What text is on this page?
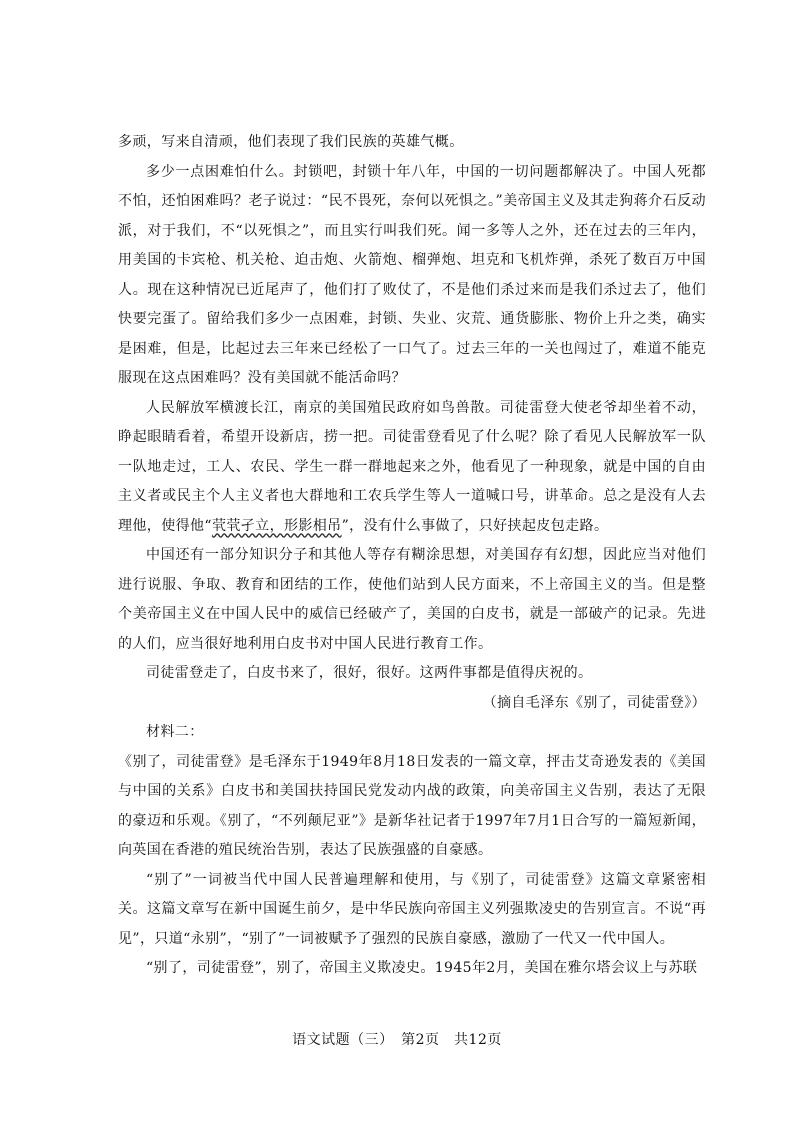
多顽，写来自清顽，他们表现了我们民族的英雄气概。

多少一点困难怕什么。封锁吧，封锁十年八年，中国的一切问题都解决了。中国人死都不怕，还怕困难吗？老子说过：“民不畏死，奈何以死惧之。”美帝国主义及其走狗蒋介石反动派，对于我们，不“以死惧之”，而且实行叫我们死。闻一多等人之外，还在过去的三年内，用美国的卡宾枪、机关枪、迫击炮、火箭炮、榴弹炮、坦克和飞机炸弹，杀死了数百万中国人。现在这种情况已近尾声了，他们打了败仗了，不是他们杀过来而是我们杀过去了，他们快要完蛋了。留给我们多少一点困难，封锁、失业、灾荒、通货膨胀、物价上升之类，确实是困难，但是，比起过去三年来已经松了一口气了。过去三年的一关也闯过了，难道不能克服现在这点困难吗？没有美国就不能活命吗？

人民解放军横渡长江，南京的美国殖民政府如鸟兽散。司徒雷登大使老爷却坐着不动，睁起眼睛看着，希望开设新店，捞一把。司徒雷登看见了什么呢？除了看见人民解放军一队一队地走过，工人、农民、学生一群一群地起来之外，他看见了一种现象，就是中国的自由主义者或民主个人主义者也大群地和工农兵学生等人一道喊口号，讲革命。总之是没有人去理他，使得他“茕茕孑立，形影相吊”，没有什么事做了，只好挟起皮包走路。

中国还有一部分知识分子和其他人等存有糊涂思想，对美国存有幻想，因此应当对他们进行说服、争取、教育和团结的工作，使他们站到人民方面来，不上帝国主义的当。但是整个美帝国主义在中国人民中的威信已经破产了，美国的白皮书，就是一部破产的记录。先进的人们，应当很好地利用白皮书对中国人民进行教育工作。

司徒雷登走了，白皮书来了，很好，很好。这两件事都是值得庆祝的。

（摘自毛泽东《别了，司徒雷登》）

材料二：

《别了，司徒雷登》是毛泽东于1949年8月18日发表的一篇文章，抨击艾奇逊发表的《美国与中国的关系》白皮书和美国扶持国民党发动内战的政策，向美帝国主义告别，表达了无限的豪迈和乐观。《别了，“不列颠尼亚”》是新华社记者于1997年7月1日合写的一篇短新闻，向英国在香港的殖民统治告别，表达了民族强盛的自豪感。

“别了”一词被当代中国人民普遍理解和使用，与《别了，司徒雷登》这篇文章紧密相关。这篇文章写在新中国诞生前夕，是中华民族向帝国主义列强欺凌史的告别宣言。不说“再见”，只道“永别”，“别了”一词被赋予了强烈的民族自豪感，激励了一代又一代中国人。

“别了，司徒雷登”，别了，帝国主义欺凌史。1945年2月，美国在雅尔塔会议上与苏联

语文试题（三）　第2页　共12页
